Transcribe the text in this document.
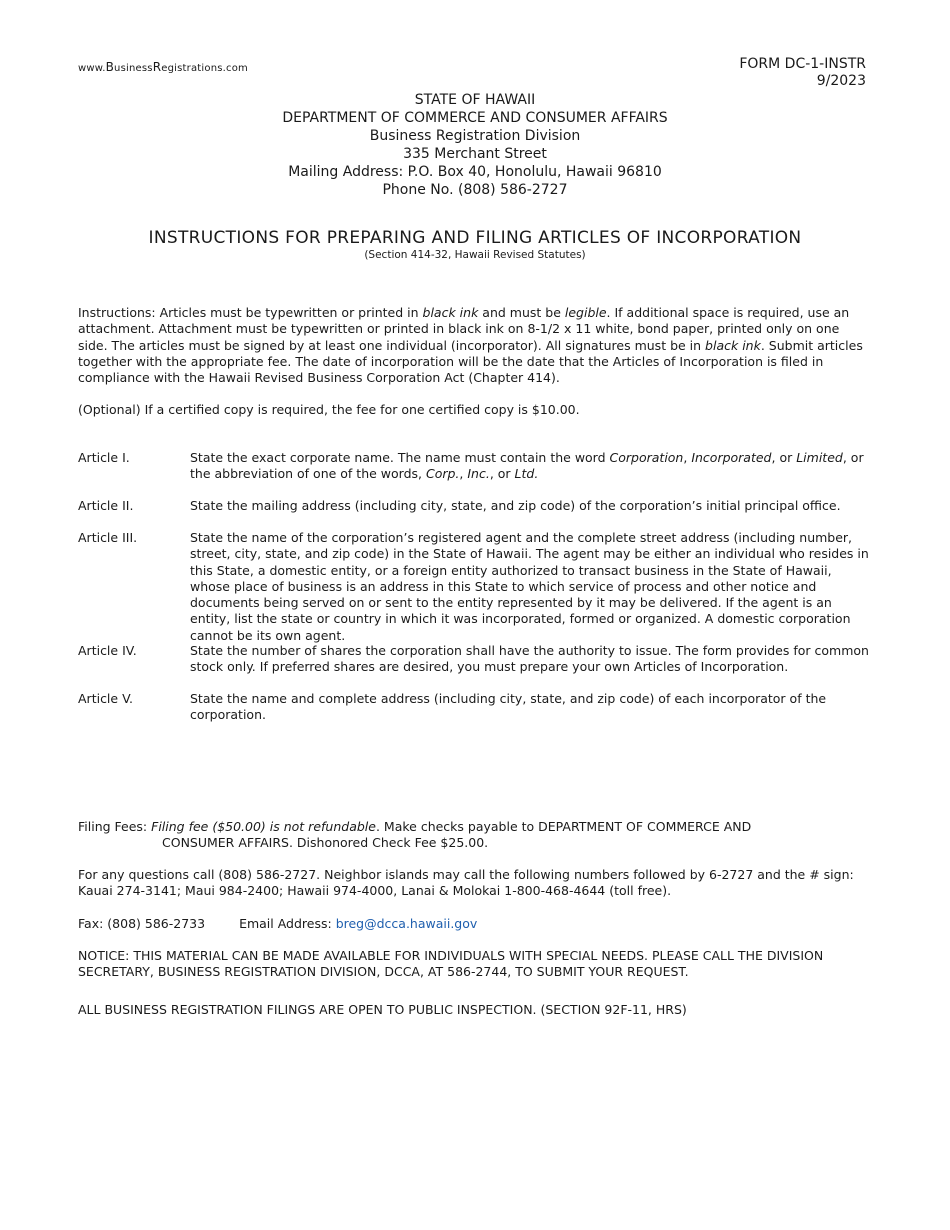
www.BusinessRegistrations.com	FORM DC-1-INSTR
9/2023
STATE OF HAWAII
DEPARTMENT OF COMMERCE AND CONSUMER AFFAIRS
Business Registration Division
335 Merchant Street
Mailing Address: P.O. Box 40, Honolulu, Hawaii 96810
Phone No. (808) 586-2727
INSTRUCTIONS FOR PREPARING AND FILING ARTICLES OF INCORPORATION
(Section 414-32, Hawaii Revised Statutes)
Instructions: Articles must be typewritten or printed in black ink and must be legible. If additional space is required, use an attachment. Attachment must be typewritten or printed in black ink on 8-1/2 x 11 white, bond paper, printed only on one side. The articles must be signed by at least one individual (incorporator). All signatures must be in black ink. Submit articles together with the appropriate fee. The date of incorporation will be the date that the Articles of Incorporation is filed in compliance with the Hawaii Revised Business Corporation Act (Chapter 414).
(Optional) If a certified copy is required, the fee for one certified copy is $10.00.
Article I.	State the exact corporate name. The name must contain the word Corporation, Incorporated, or Limited, or the abbreviation of one of the words, Corp., Inc., or Ltd.
Article II.	State the mailing address (including city, state, and zip code) of the corporation’s initial principal office.
Article III.	State the name of the corporation’s registered agent and the complete street address (including number, street, city, state, and zip code) in the State of Hawaii. The agent may be either an individual who resides in this State, a domestic entity, or a foreign entity authorized to transact business in the State of Hawaii, whose place of business is an address in this State to which service of process and other notice and documents being served on or sent to the entity represented by it may be delivered. If the agent is an entity, list the state or country in which it was incorporated, formed or organized. A domestic corporation cannot be its own agent.
Article IV.	State the number of shares the corporation shall have the authority to issue. The form provides for common stock only. If preferred shares are desired, you must prepare your own Articles of Incorporation.
Article V.	State the name and complete address (including city, state, and zip code) of each incorporator of the corporation.
Filing Fees: Filing fee ($50.00) is not refundable. Make checks payable to DEPARTMENT OF COMMERCE AND
CONSUMER AFFAIRS. Dishonored Check Fee $25.00.
For any questions call (808) 586-2727. Neighbor islands may call the following numbers followed by 6-2727 and the # sign:
Kauai 274-3141; Maui 984-2400; Hawaii 974-4000, Lanai & Molokai 1-800-468-4644 (toll free).
Fax: (808) 586-2733	Email Address: breg@dcca.hawaii.gov
NOTICE: THIS MATERIAL CAN BE MADE AVAILABLE FOR INDIVIDUALS WITH SPECIAL NEEDS. PLEASE CALL THE DIVISION SECRETARY, BUSINESS REGISTRATION DIVISION, DCCA, AT 586-2744, TO SUBMIT YOUR REQUEST.
ALL BUSINESS REGISTRATION FILINGS ARE OPEN TO PUBLIC INSPECTION. (SECTION 92F-11, HRS)
